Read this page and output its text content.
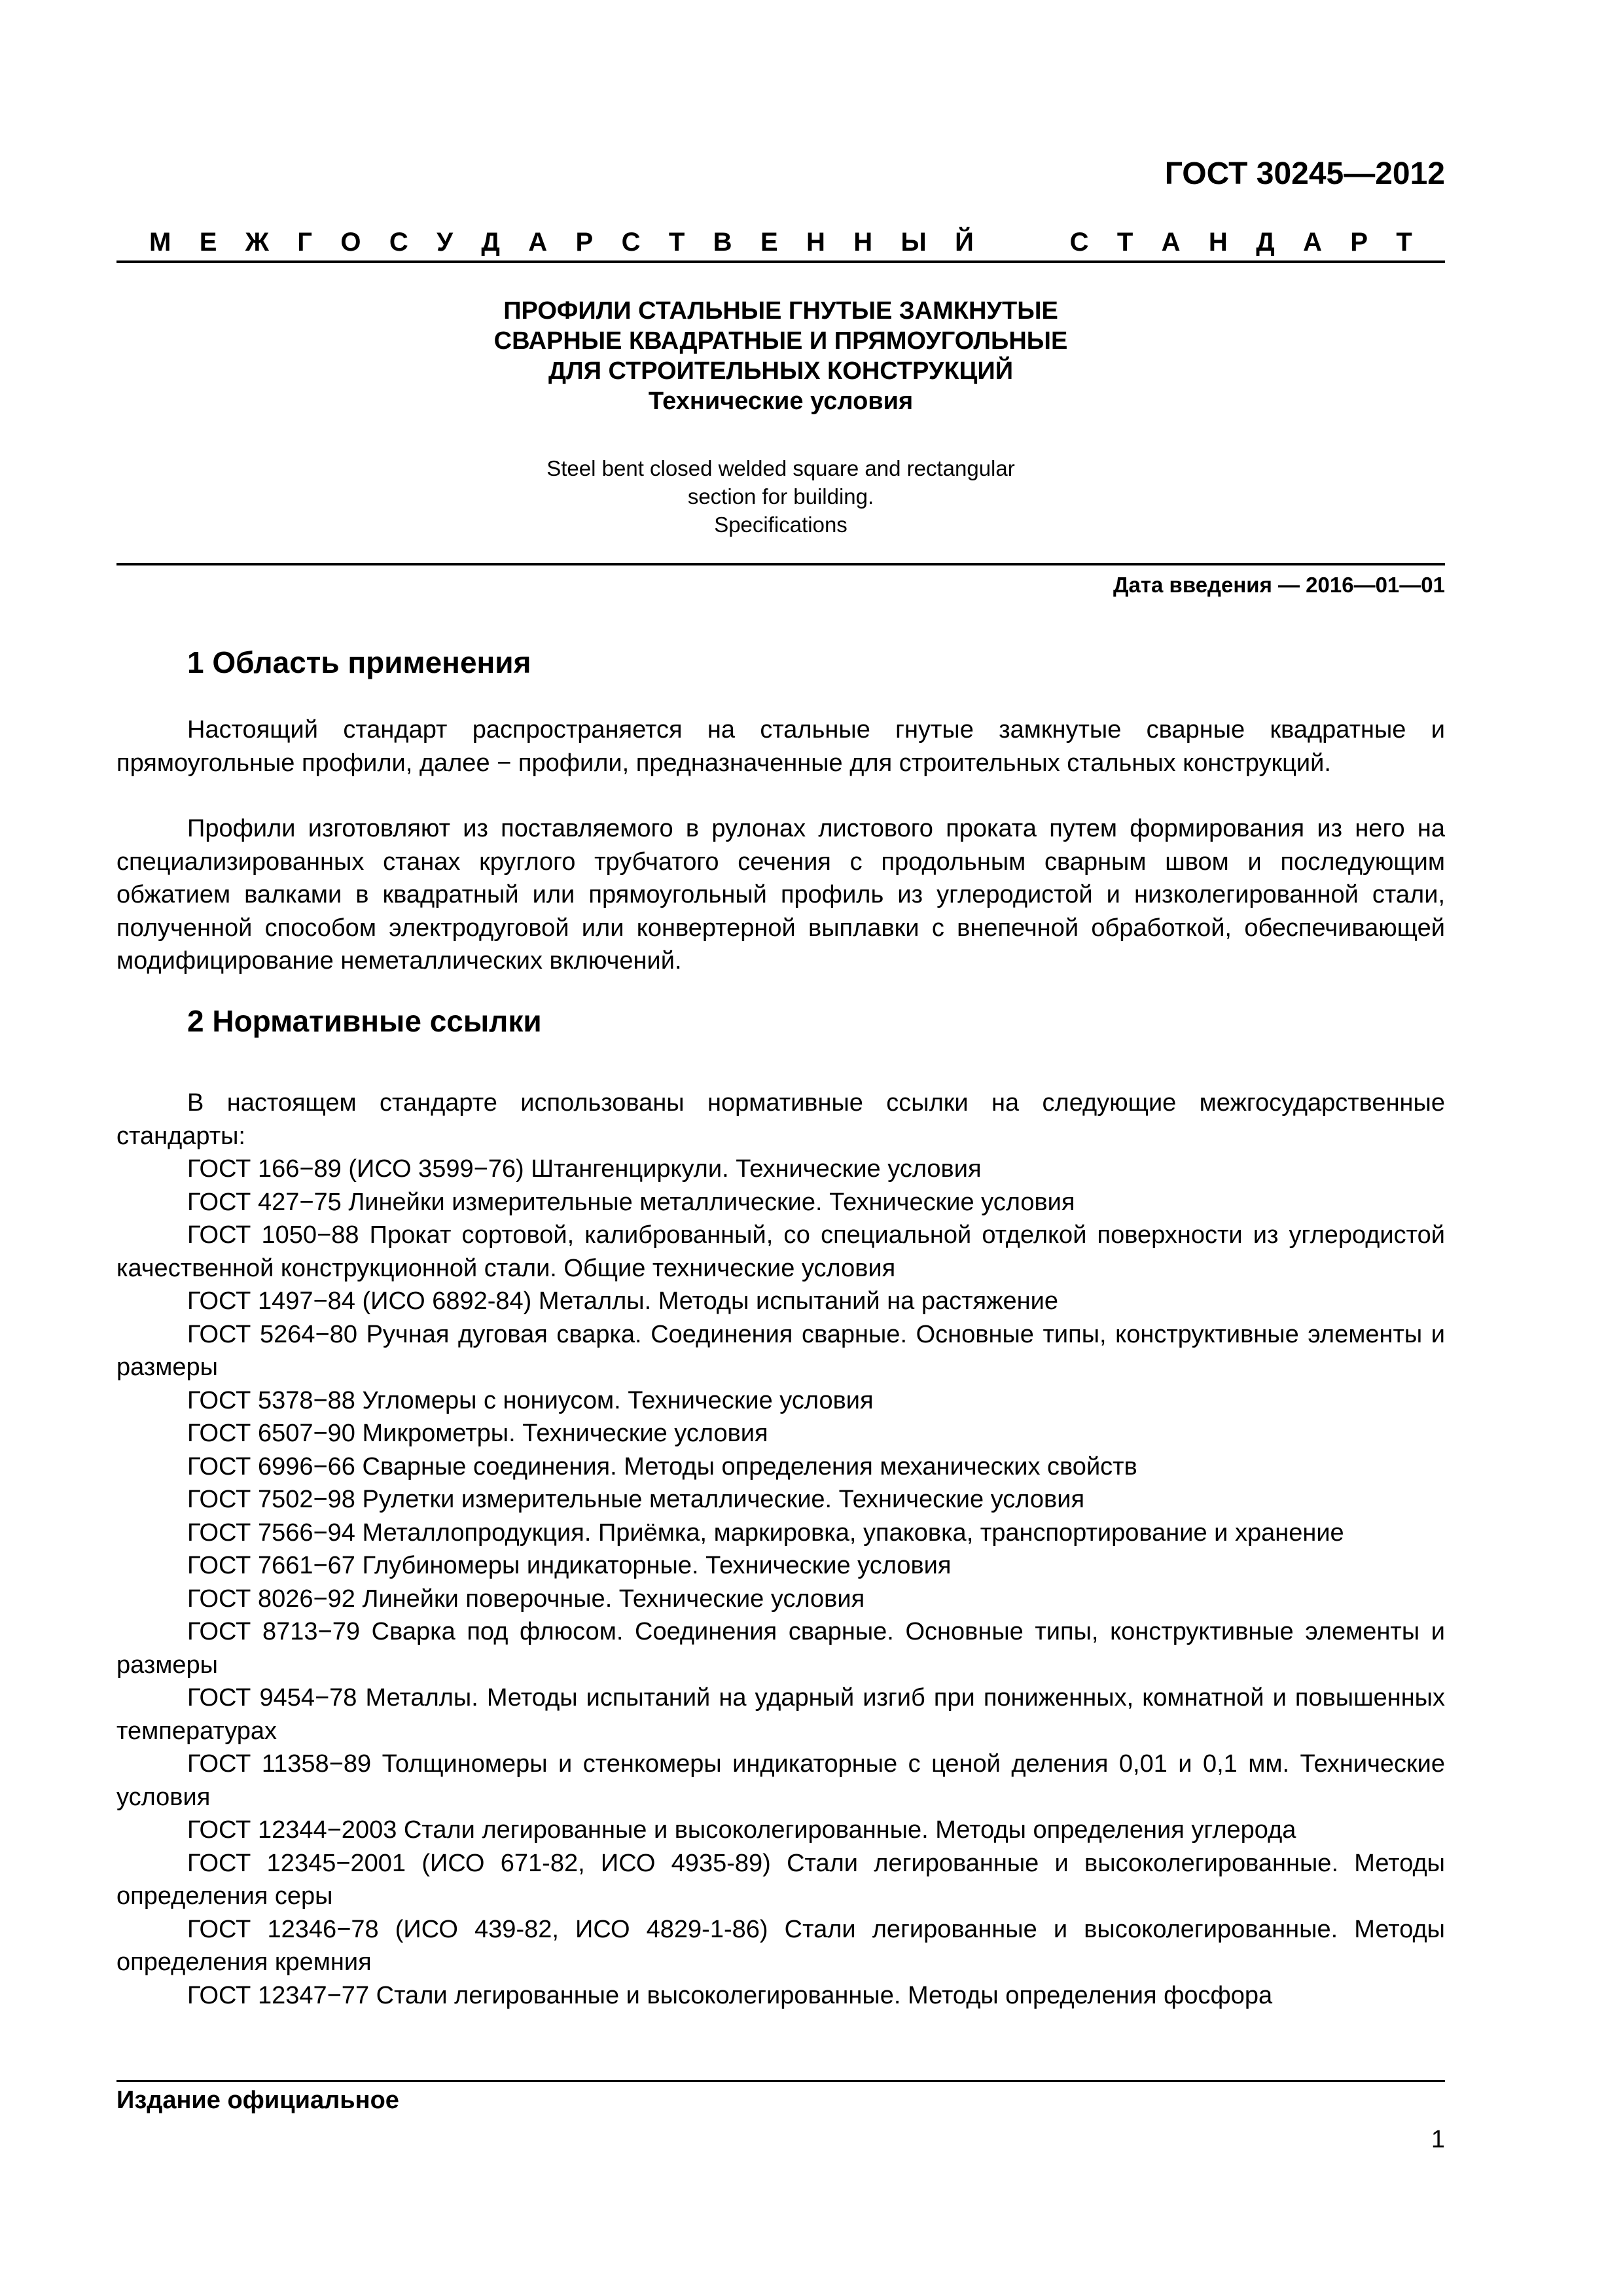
ГОСТ 30245—2012
М Е Ж Г О С У Д А Р С Т В Е Н Н Ы Й	С Т А Н Д А Р Т
ПРОФИЛИ СТАЛЬНЫЕ ГНУТЫЕ ЗАМКНУТЫЕ
СВАРНЫЕ КВАДРАТНЫЕ И ПРЯМОУГОЛЬНЫЕ
ДЛЯ СТРОИТЕЛЬНЫХ КОНСТРУКЦИЙ
Технические условия
Steel bent closed welded square and rectangular
section for building.
Specifications
Дата введения — 2016—01—01
1 Область применения
Настоящий стандарт распространяется на стальные гнутые замкнутые сварные квадратные и прямоугольные профили, далее − профили, предназначенные для строительных стальных конструкций.
Профили изготовляют из поставляемого в рулонах листового проката путем формирования из него на специализированных станах круглого трубчатого сечения с продольным сварным швом и последующим обжатием валками в квадратный или прямоугольный профиль из углеродистой и низколегированной стали, полученной способом электродуговой или конвертерной выплавки с внепечной обработкой, обеспечивающей модифицирование неметаллических включений.
2 Нормативные ссылки
В настоящем стандарте использованы нормативные ссылки на следующие межгосударственные стандарты:
ГОСТ 166−89 (ИСО 3599−76) Штангенциркули. Технические условия
ГОСТ 427−75 Линейки измерительные металлические. Технические условия
ГОСТ 1050−88 Прокат сортовой, калиброванный, со специальной отделкой поверхности из углеродистой качественной конструкционной стали. Общие технические условия
ГОСТ 1497−84 (ИСО 6892-84) Металлы. Методы испытаний на растяжение
ГОСТ 5264−80 Ручная дуговая сварка. Соединения сварные. Основные типы, конструктивные элементы и размеры
ГОСТ 5378−88 Угломеры с нониусом. Технические условия
ГОСТ 6507−90 Микрометры. Технические условия
ГОСТ 6996−66 Сварные соединения. Методы определения механических свойств
ГОСТ 7502−98 Рулетки измерительные металлические. Технические условия
ГОСТ 7566−94 Металлопродукция. Приёмка, маркировка, упаковка, транспортирование и хранение
ГОСТ 7661−67 Глубиномеры индикаторные. Технические условия
ГОСТ 8026−92 Линейки поверочные. Технические условия
ГОСТ 8713−79 Сварка под флюсом. Соединения сварные. Основные типы, конструктивные элементы и размеры
ГОСТ 9454−78 Металлы. Методы испытаний на ударный изгиб при пониженных, комнатной и повышенных температурах
ГОСТ 11358−89 Толщиномеры и стенкомеры индикаторные с ценой деления 0,01 и 0,1 мм. Технические условия
ГОСТ 12344−2003 Стали легированные и высоколегированные. Методы определения углерода
ГОСТ 12345−2001 (ИСО 671-82, ИСО 4935-89) Стали легированные и высоколегированные. Методы определения серы
ГОСТ 12346−78 (ИСО 439-82, ИСО 4829-1-86) Стали легированные и высоколегированные. Методы определения кремния
ГОСТ 12347−77 Стали легированные и высоколегированные. Методы определения фосфора
Издание официальное
1
